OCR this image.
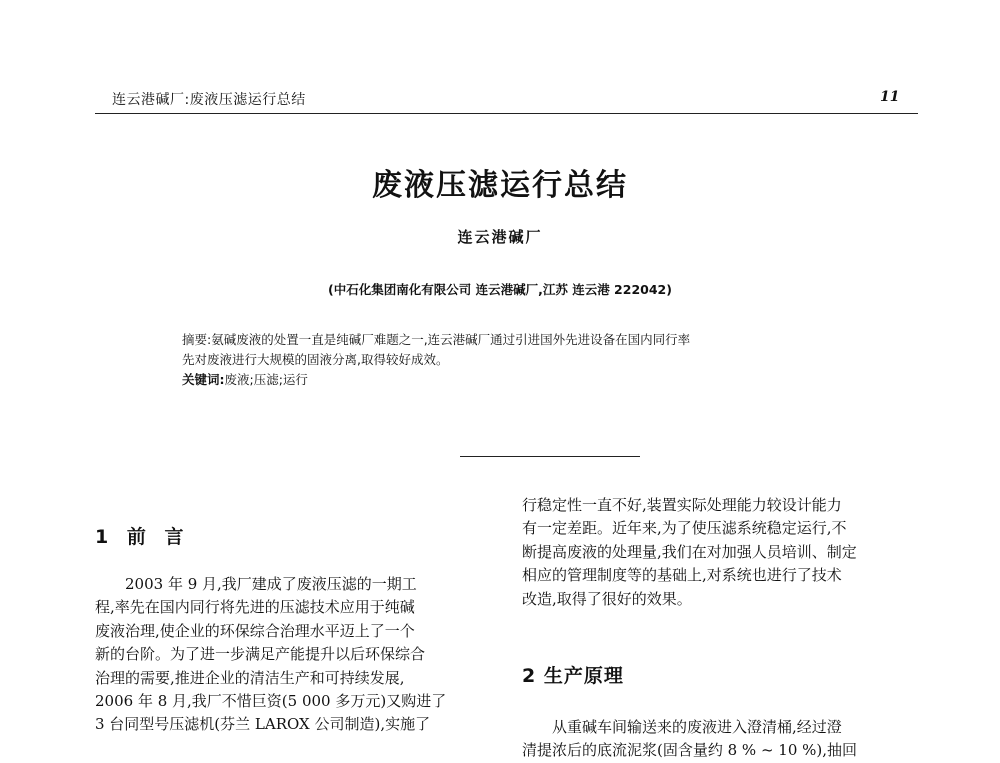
连云港碱厂:废液压滤运行总结	11
废液压滤运行总结
连云港碱厂
(中石化集团南化有限公司 连云港碱厂,江苏 连云港 222042)
摘要:氨碱废液的处置一直是纯碱厂难题之一,连云港碱厂通过引进国外先进设备在国内同行率
先对废液进行大规模的固液分离,取得较好成效。
关键词:废液;压滤;运行
1 前 言
2003 年 9 月,我厂建成了废液压滤的一期工
程,率先在国内同行将先进的压滤技术应用于纯碱
废液治理,使企业的环保综合治理水平迈上了一个
新的台阶。为了进一步满足产能提升以后环保综合
治理的需要,推进企业的清洁生产和可持续发展,
2006 年 8 月,我厂不惜巨资(5 000 多万元)又购进了
3 台同型号压滤机(芬兰 LAROX 公司制造),实施了
行稳定性一直不好,装置实际处理能力较设计能力
有一定差距。近年来,为了使压滤系统稳定运行,不
断提高废液的处理量,我们在对加强人员培训、制定
相应的管理制度等的基础上,对系统也进行了技术
改造,取得了很好的效果。
2 生产原理
从重碱车间输送来的废液进入澄清桶,经过澄
清提浓后的底流泥浆(固含量约 8 % ~ 10 %),抽回
